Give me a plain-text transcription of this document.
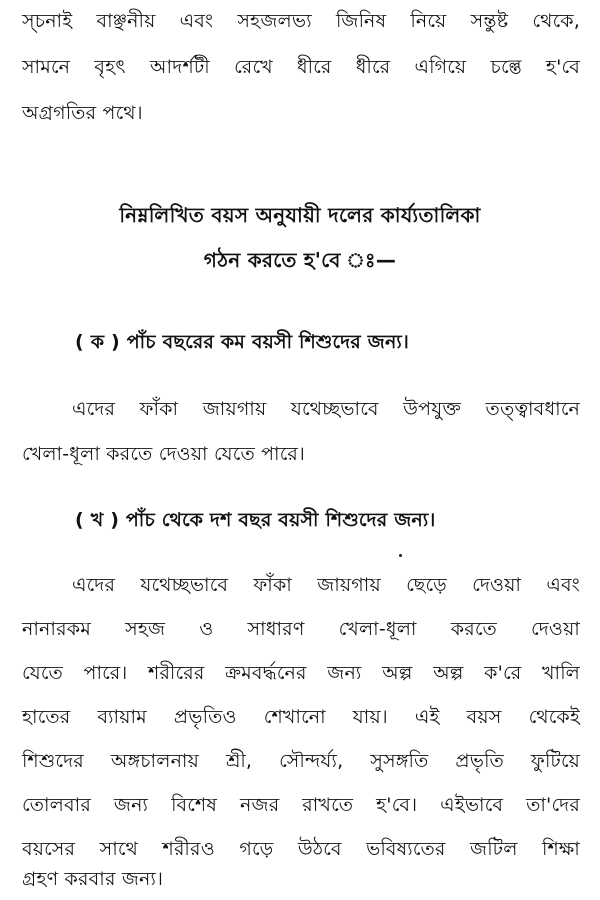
স্চনাই বাঞ্ছনীয় এবং সহজলভ্য জিনিষ নিয়ে সন্তুষ্ট থেকে,
সামনে বৃহৎ আদর্শটী রেখে ধীরে ধীরে এগিয়ে চল্তে হ'বে
অগ্রগতির পথে।
নিম্নলিখিত বয়স অনুযায়ী দলের কার্য্যতালিকা
গঠন করতে হ'বে ঃ—
( ক ) পাঁচ বছরের কম বয়সী শিশুদের জন্য।
এদের ফাঁকা জায়গায় যথেচ্ছভাবে উপযুক্ত তত্ত্বাবধানে
খেলা-ধূলা করতে দেওয়া যেতে পারে।
( খ ) পাঁচ থেকে দশ বছর বয়সী শিশুদের জন্য।
এদের যথেচ্ছভাবে ফাঁকা জায়গায় ছেড়ে দেওয়া এবং
নানারকম সহজ ও সাধারণ খেলা-ধূলা করতে দেওয়া
যেতে পারে। শরীরের ক্রমবর্দ্ধনের জন্য অল্প অল্প ক'রে খালি
হাতের ব্যায়াম প্রভৃতিও শেখানো যায়। এই বয়স থেকেই
শিশুদের অঙ্গচালনায় শ্রী, সৌন্দর্য্য, সুসঙ্গতি প্রভৃতি ফুটিয়ে
তোলবার জন্য বিশেষ নজর রাখতে হ'বে। এইভাবে তা'দের
বয়সের সাথে শরীরও গড়ে উঠবে ভবিষ্যতের জটিল শিক্ষা
গ্রহণ করবার জন্য।
